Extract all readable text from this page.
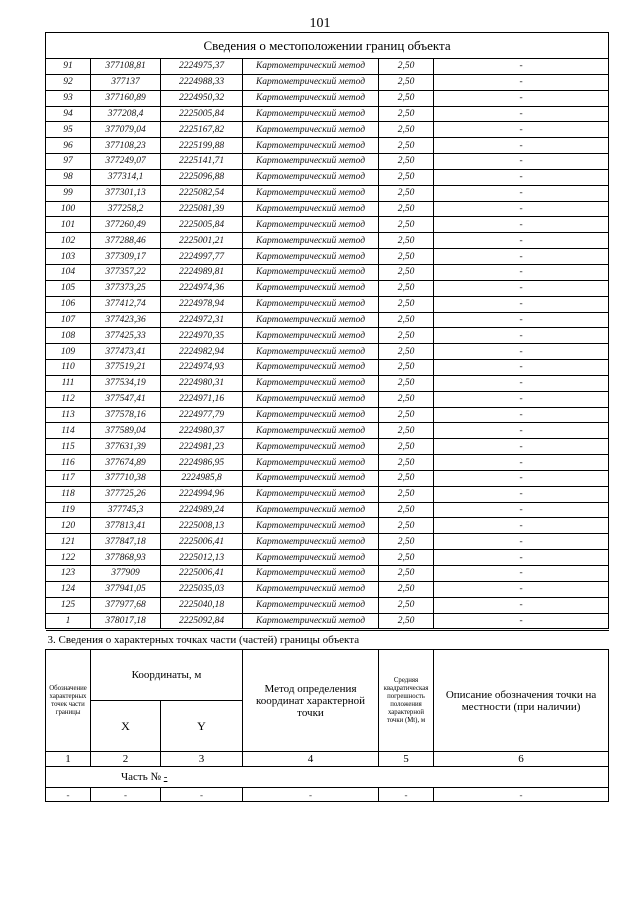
101
Сведения о местоположении границ объекта					
91	377108,81	2224975,37	Картометрический метод	2,50	-
92	377137	2224988,33	Картометрический метод	2,50	-
93	377160,89	2224950,32	Картометрический метод	2,50	-
94	377208,4	2225005,84	Картометрический метод	2,50	-
95	377079,04	2225167,82	Картометрический метод	2,50	-
96	377108,23	2225199,88	Картометрический метод	2,50	-
97	377249,07	2225141,71	Картометрический метод	2,50	-
98	377314,1	2225096,88	Картометрический метод	2,50	-
99	377301,13	2225082,54	Картометрический метод	2,50	-
100	377258,2	2225081,39	Картометрический метод	2,50	-
101	377260,49	2225005,84	Картометрический метод	2,50	-
102	377288,46	2225001,21	Картометрический метод	2,50	-
103	377309,17	2224997,77	Картометрический метод	2,50	-
104	377357,22	2224989,81	Картометрический метод	2,50	-
105	377373,25	2224974,36	Картометрический метод	2,50	-
106	377412,74	2224978,94	Картометрический метод	2,50	-
107	377423,36	2224972,31	Картометрический метод	2,50	-
108	377425,33	2224970,35	Картометрический метод	2,50	-
109	377473,41	2224982,94	Картометрический метод	2,50	-
110	377519,21	2224974,93	Картометрический метод	2,50	-
111	377534,19	2224980,31	Картометрический метод	2,50	-
112	377547,41	2224971,16	Картометрический метод	2,50	-
113	377578,16	2224977,79	Картометрический метод	2,50	-
114	377589,04	2224980,37	Картометрический метод	2,50	-
115	377631,39	2224981,23	Картометрический метод	2,50	-
116	377674,89	2224986,95	Картометрический метод	2,50	-
117	377710,38	2224985,8	Картометрический метод	2,50	-
118	377725,26	2224994,96	Картометрический метод	2,50	-
119	377745,3	2224989,24	Картометрический метод	2,50	-
120	377813,41	2225008,13	Картометрический метод	2,50	-
121	377847,18	2225006,41	Картометрический метод	2,50	-
122	377868,93	2225012,13	Картометрический метод	2,50	-
123	377909	2225006,41	Картометрический метод	2,50	-
124	377941,05	2225035,03	Картометрический метод	2,50	-
125	377977,68	2225040,18	Картометрический метод	2,50	-
1	378017,18	2225092,84	Картометрический метод	2,50	-
3. Сведения о характерных точках части (частей) границы объекта					
Обозначение характерных точек части границы	Координаты, м		Метод определения координат характерной точки	Средняя квадратическая погрешность положения характерной точки (Mt), м	Описание обозначения точки на местности (при наличии)
	X	Y			
1	2	3	4	5	6
Часть № -					
-	-	-	-	-	-
